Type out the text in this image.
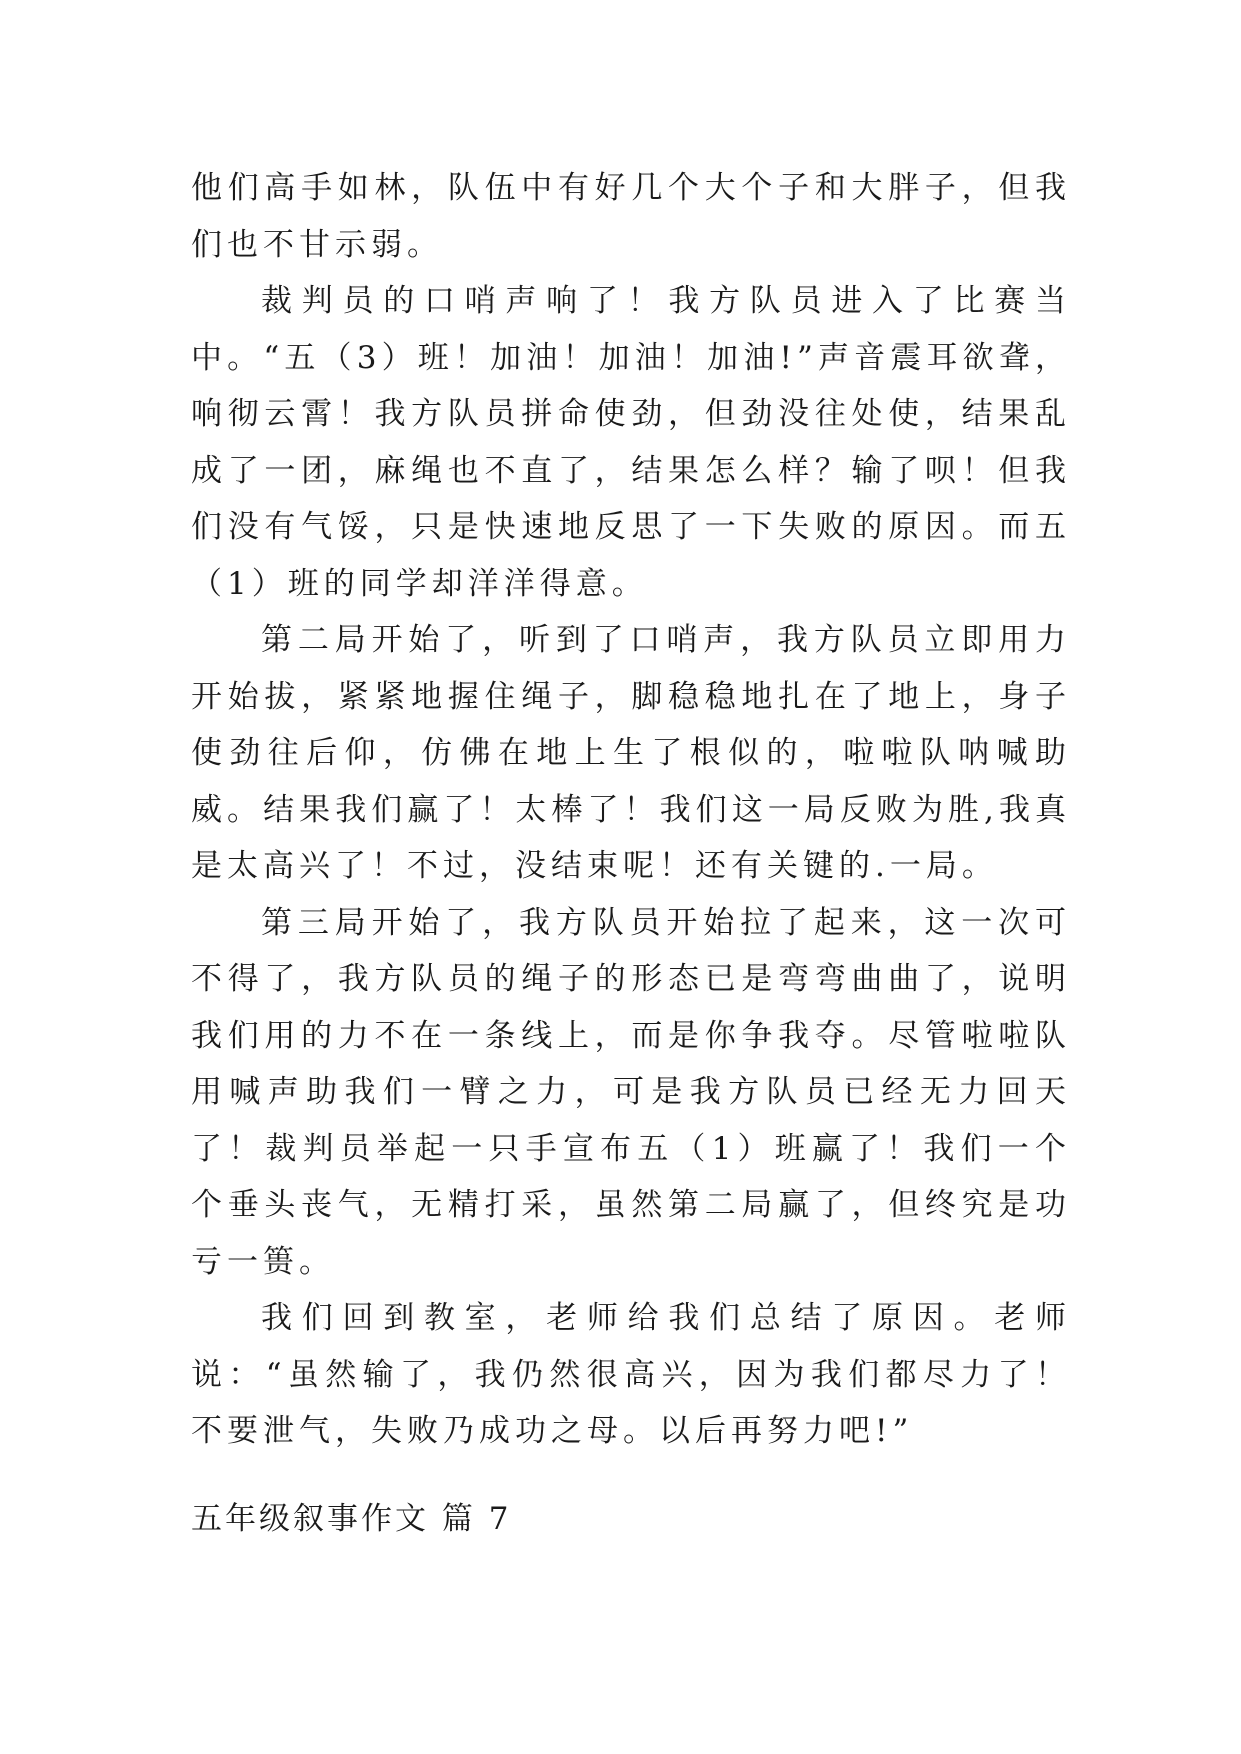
他们高手如林，队伍中有好几个大个子和大胖子，但我们也不甘示弱。

裁判员的口哨声响了！我方队员进入了比赛当中。“五（3）班！加油！加油！加油!”声音震耳欲聋，响彻云霄！我方队员拼命使劲，但劲没往处使，结果乱成了一团，麻绳也不直了，结果怎么样？输了呗！但我们没有气馁，只是快速地反思了一下失败的原因。而五（1）班的同学却洋洋得意。

第二局开始了，听到了口哨声，我方队员立即用力开始拔，紧紧地握住绳子，脚稳稳地扎在了地上，身子使劲往后仰，仿佛在地上生了根似的，啦啦队呐喊助威。结果我们赢了！太棒了！我们这一局反败为胜,我真是太高兴了！不过，没结束呢！还有关键的.一局。

第三局开始了，我方队员开始拉了起来，这一次可不得了，我方队员的绳子的形态已是弯弯曲曲了，说明我们用的力不在一条线上，而是你争我夺。尽管啦啦队用喊声助我们一臂之力，可是我方队员已经无力回天了！裁判员举起一只手宣布五（1）班赢了！我们一个个垂头丧气，无精打采，虽然第二局赢了，但终究是功亏一篑。

我们回到教室，老师给我们总结了原因。老师说：“虽然输了，我仍然很高兴，因为我们都尽力了！不要泄气，失败乃成功之母。以后再努力吧!”

五年级叙事作文 篇 7
